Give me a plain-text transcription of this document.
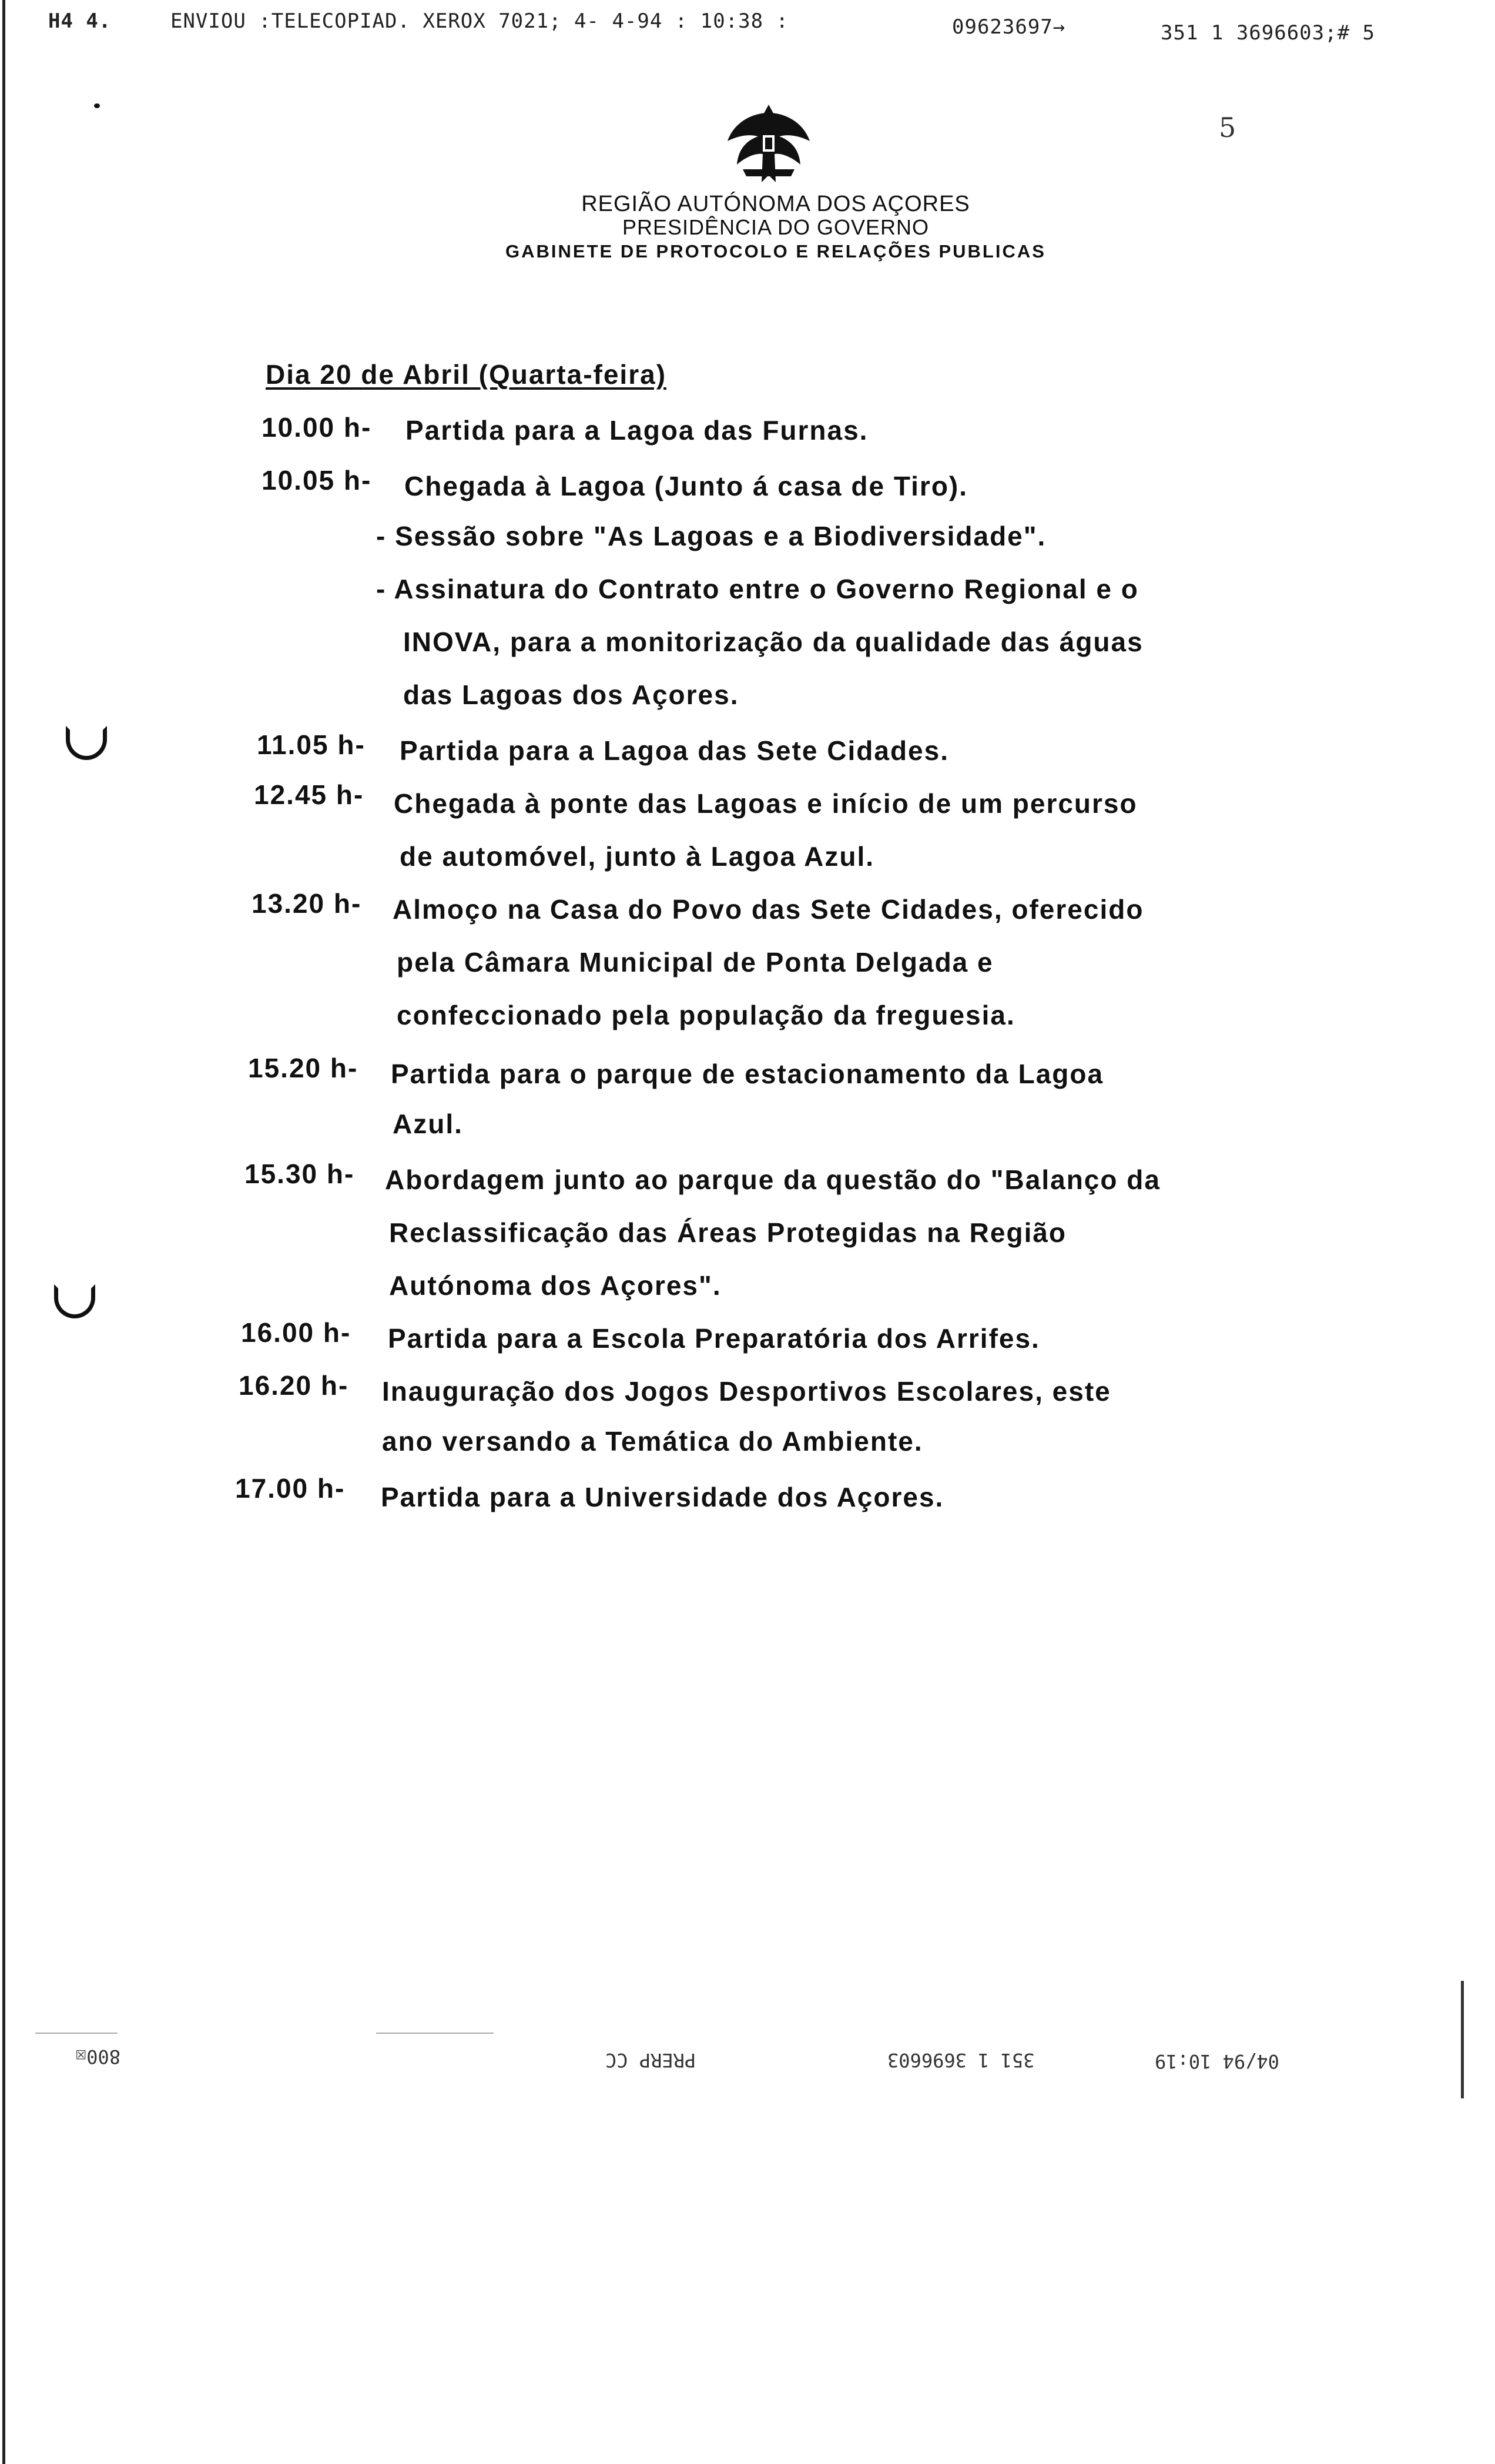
H4 4.	ENVIOU :TELECOPIAD. XEROX 7021; 4- 4-94 : 10:38 :	09623697→	351 1 3696603;# 5
5
REGIÃO AUTÓNOMA DOS AÇORES
PRESIDÊNCIA DO GOVERNO
GABINETE DE PROTOCOLO E RELAÇÕES PUBLICAS
Dia 20 de Abril (Quarta-feira)
10.00 h- Partida para a Lagoa das Furnas.
10.05 h- Chegada à Lagoa (Junto á casa de Tiro).
- Sessão sobre "As Lagoas e a Biodiversidade".
- Assinatura do Contrato entre o Governo Regional e o
INOVA, para a monitorização da qualidade das águas
das Lagoas dos Açores.
11.05 h- Partida para a Lagoa das Sete Cidades.
12.45 h- Chegada à ponte das Lagoas e início de um percurso
de automóvel, junto à Lagoa Azul.
13.20 h- Almoço na Casa do Povo das Sete Cidades, oferecido
pela Câmara Municipal de Ponta Delgada e
confeccionado pela população da freguesia.
15.20 h- Partida para o parque de estacionamento da Lagoa
Azul.
15.30 h- Abordagem junto ao parque da questão do "Balanço da
Reclassificação das Áreas Protegidas na Região
Autónoma dos Açores".
16.00 h- Partida para a Escola Preparatória dos Arrifes.
16.20 h- Inauguração dos Jogos Desportivos Escolares, este
ano versando a Temática do Ambiente.
17.00 h- Partida para a Universidade dos Açores.
800☒	PRERP CC	351 1 3696603	04/94 10:19
